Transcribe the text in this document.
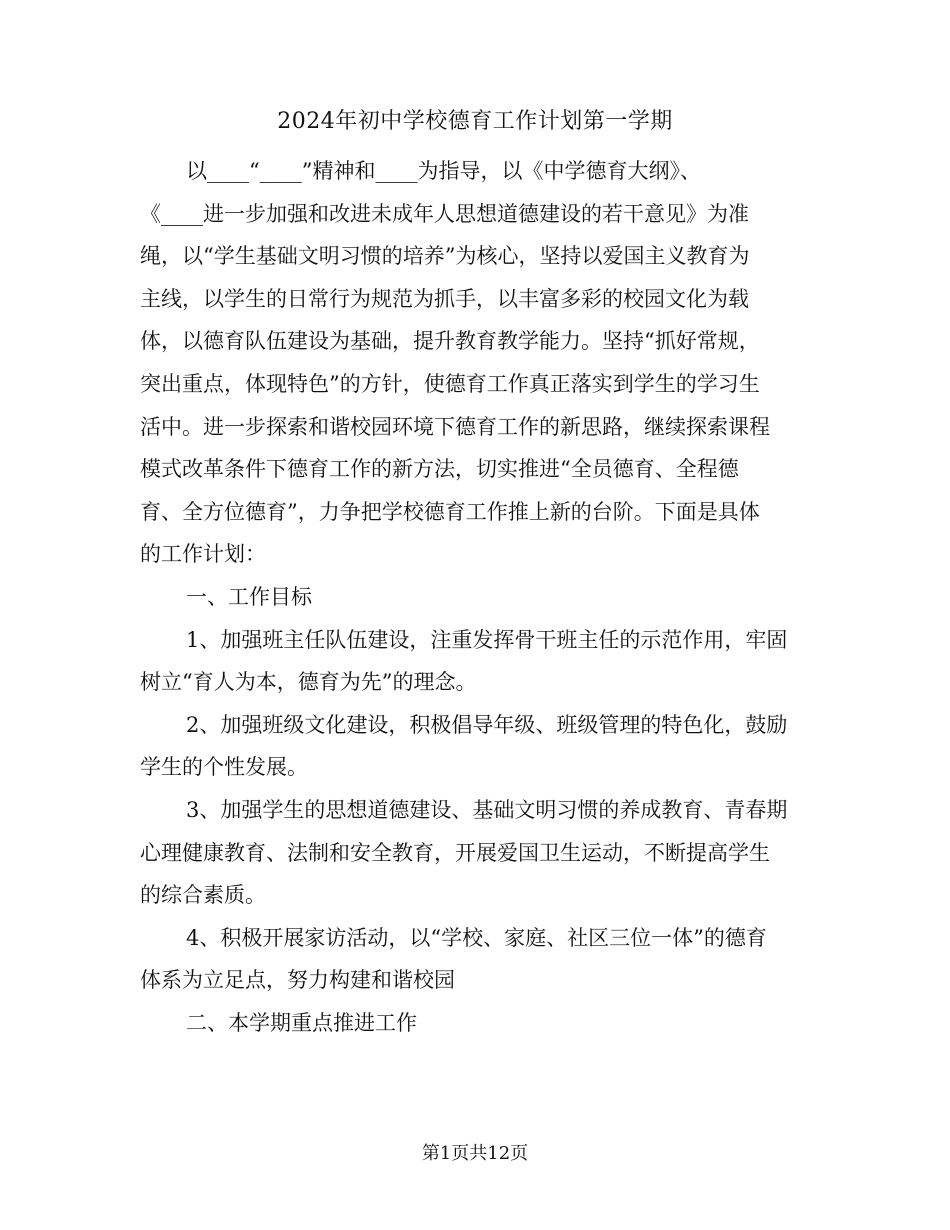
2024年初中学校德育工作计划第一学期
以____“____”精神和____为指导，以《中学德育大纲》、
《____进一步加强和改进未成年人思想道德建设的若干意见》为准
绳，以“学生基础文明习惯的培养”为核心，坚持以爱国主义教育为
主线，以学生的日常行为规范为抓手，以丰富多彩的校园文化为载
体，以德育队伍建设为基础，提升教育教学能力。坚持“抓好常规，
突出重点，体现特色”的方针，使德育工作真正落实到学生的学习生
活中。进一步探索和谐校园环境下德育工作的新思路，继续探索课程
模式改革条件下德育工作的新方法，切实推进“全员德育、全程德
育、全方位德育”，力争把学校德育工作推上新的台阶。下面是具体
的工作计划：
一、工作目标
1、加强班主任队伍建设，注重发挥骨干班主任的示范作用，牢固
树立“育人为本，德育为先”的理念。
2、加强班级文化建设，积极倡导年级、班级管理的特色化，鼓励
学生的个性发展。
3、加强学生的思想道德建设、基础文明习惯的养成教育、青春期
心理健康教育、法制和安全教育，开展爱国卫生运动，不断提高学生
的综合素质。
4、积极开展家访活动，以“学校、家庭、社区三位一体”的德育
体系为立足点，努力构建和谐校园
二、本学期重点推进工作
第1页共12页
